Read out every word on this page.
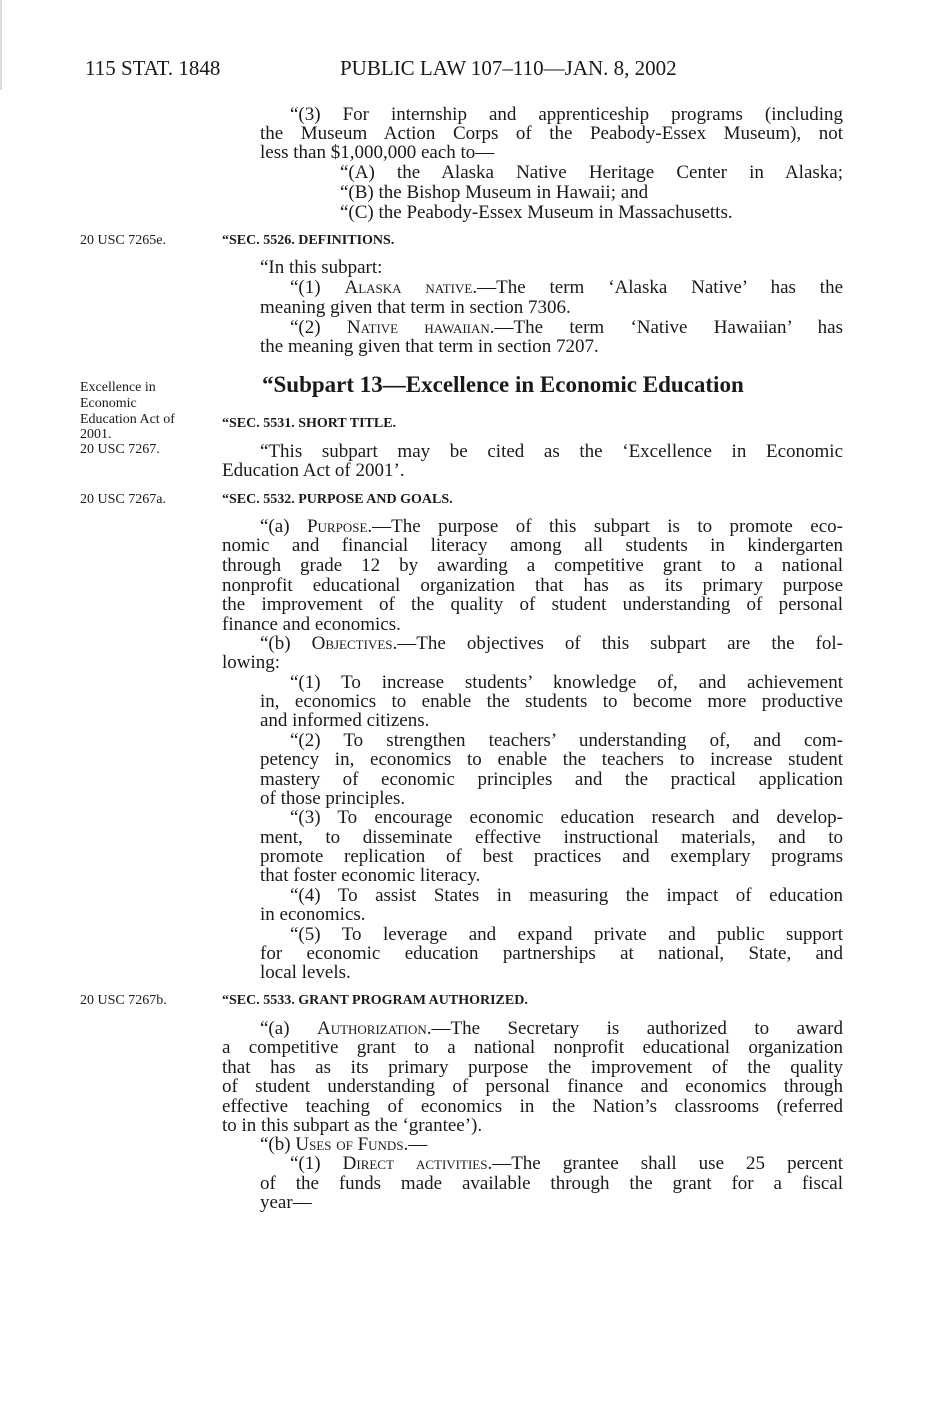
115 STAT. 1848	PUBLIC LAW 107–110—JAN. 8, 2002
“(3) For internship and apprenticeship programs (including
the Museum Action Corps of the Peabody-Essex Museum), not
less than $1,000,000 each to—
“(A) the Alaska Native Heritage Center in Alaska;
“(B) the Bishop Museum in Hawaii; and
“(C) the Peabody-Essex Museum in Massachusetts.
20 USC 7265e.	“SEC. 5526. DEFINITIONS.
“In this subpart:
“(1) Alaska native.—The term ‘Alaska Native’ has the
meaning given that term in section 7306.
“(2) Native hawaiian.—The term ‘Native Hawaiian’ has
the meaning given that term in section 7207.
Excellence in
Economic
Education Act of
2001.
20 USC 7267.
“Subpart 13—Excellence in Economic Education
“SEC. 5531. SHORT TITLE.
“This subpart may be cited as the ‘Excellence in Economic
Education Act of 2001’.
20 USC 7267a.	“SEC. 5532. PURPOSE AND GOALS.
“(a) Purpose.—The purpose of this subpart is to promote eco-
nomic and financial literacy among all students in kindergarten
through grade 12 by awarding a competitive grant to a national
nonprofit educational organization that has as its primary purpose
the improvement of the quality of student understanding of personal
finance and economics.
“(b) Objectives.—The objectives of this subpart are the fol-
lowing:
“(1) To increase students’ knowledge of, and achievement
in, economics to enable the students to become more productive
and informed citizens.
“(2) To strengthen teachers’ understanding of, and com-
petency in, economics to enable the teachers to increase student
mastery of economic principles and the practical application
of those principles.
“(3) To encourage economic education research and develop-
ment, to disseminate effective instructional materials, and to
promote replication of best practices and exemplary programs
that foster economic literacy.
“(4) To assist States in measuring the impact of education
in economics.
“(5) To leverage and expand private and public support
for economic education partnerships at national, State, and
local levels.
20 USC 7267b.	“SEC. 5533. GRANT PROGRAM AUTHORIZED.
“(a) Authorization.—The Secretary is authorized to award
a competitive grant to a national nonprofit educational organization
that has as its primary purpose the improvement of the quality
of student understanding of personal finance and economics through
effective teaching of economics in the Nation’s classrooms (referred
to in this subpart as the ‘grantee’).
“(b) Uses of Funds.—
“(1) Direct activities.—The grantee shall use 25 percent
of the funds made available through the grant for a fiscal
year—
